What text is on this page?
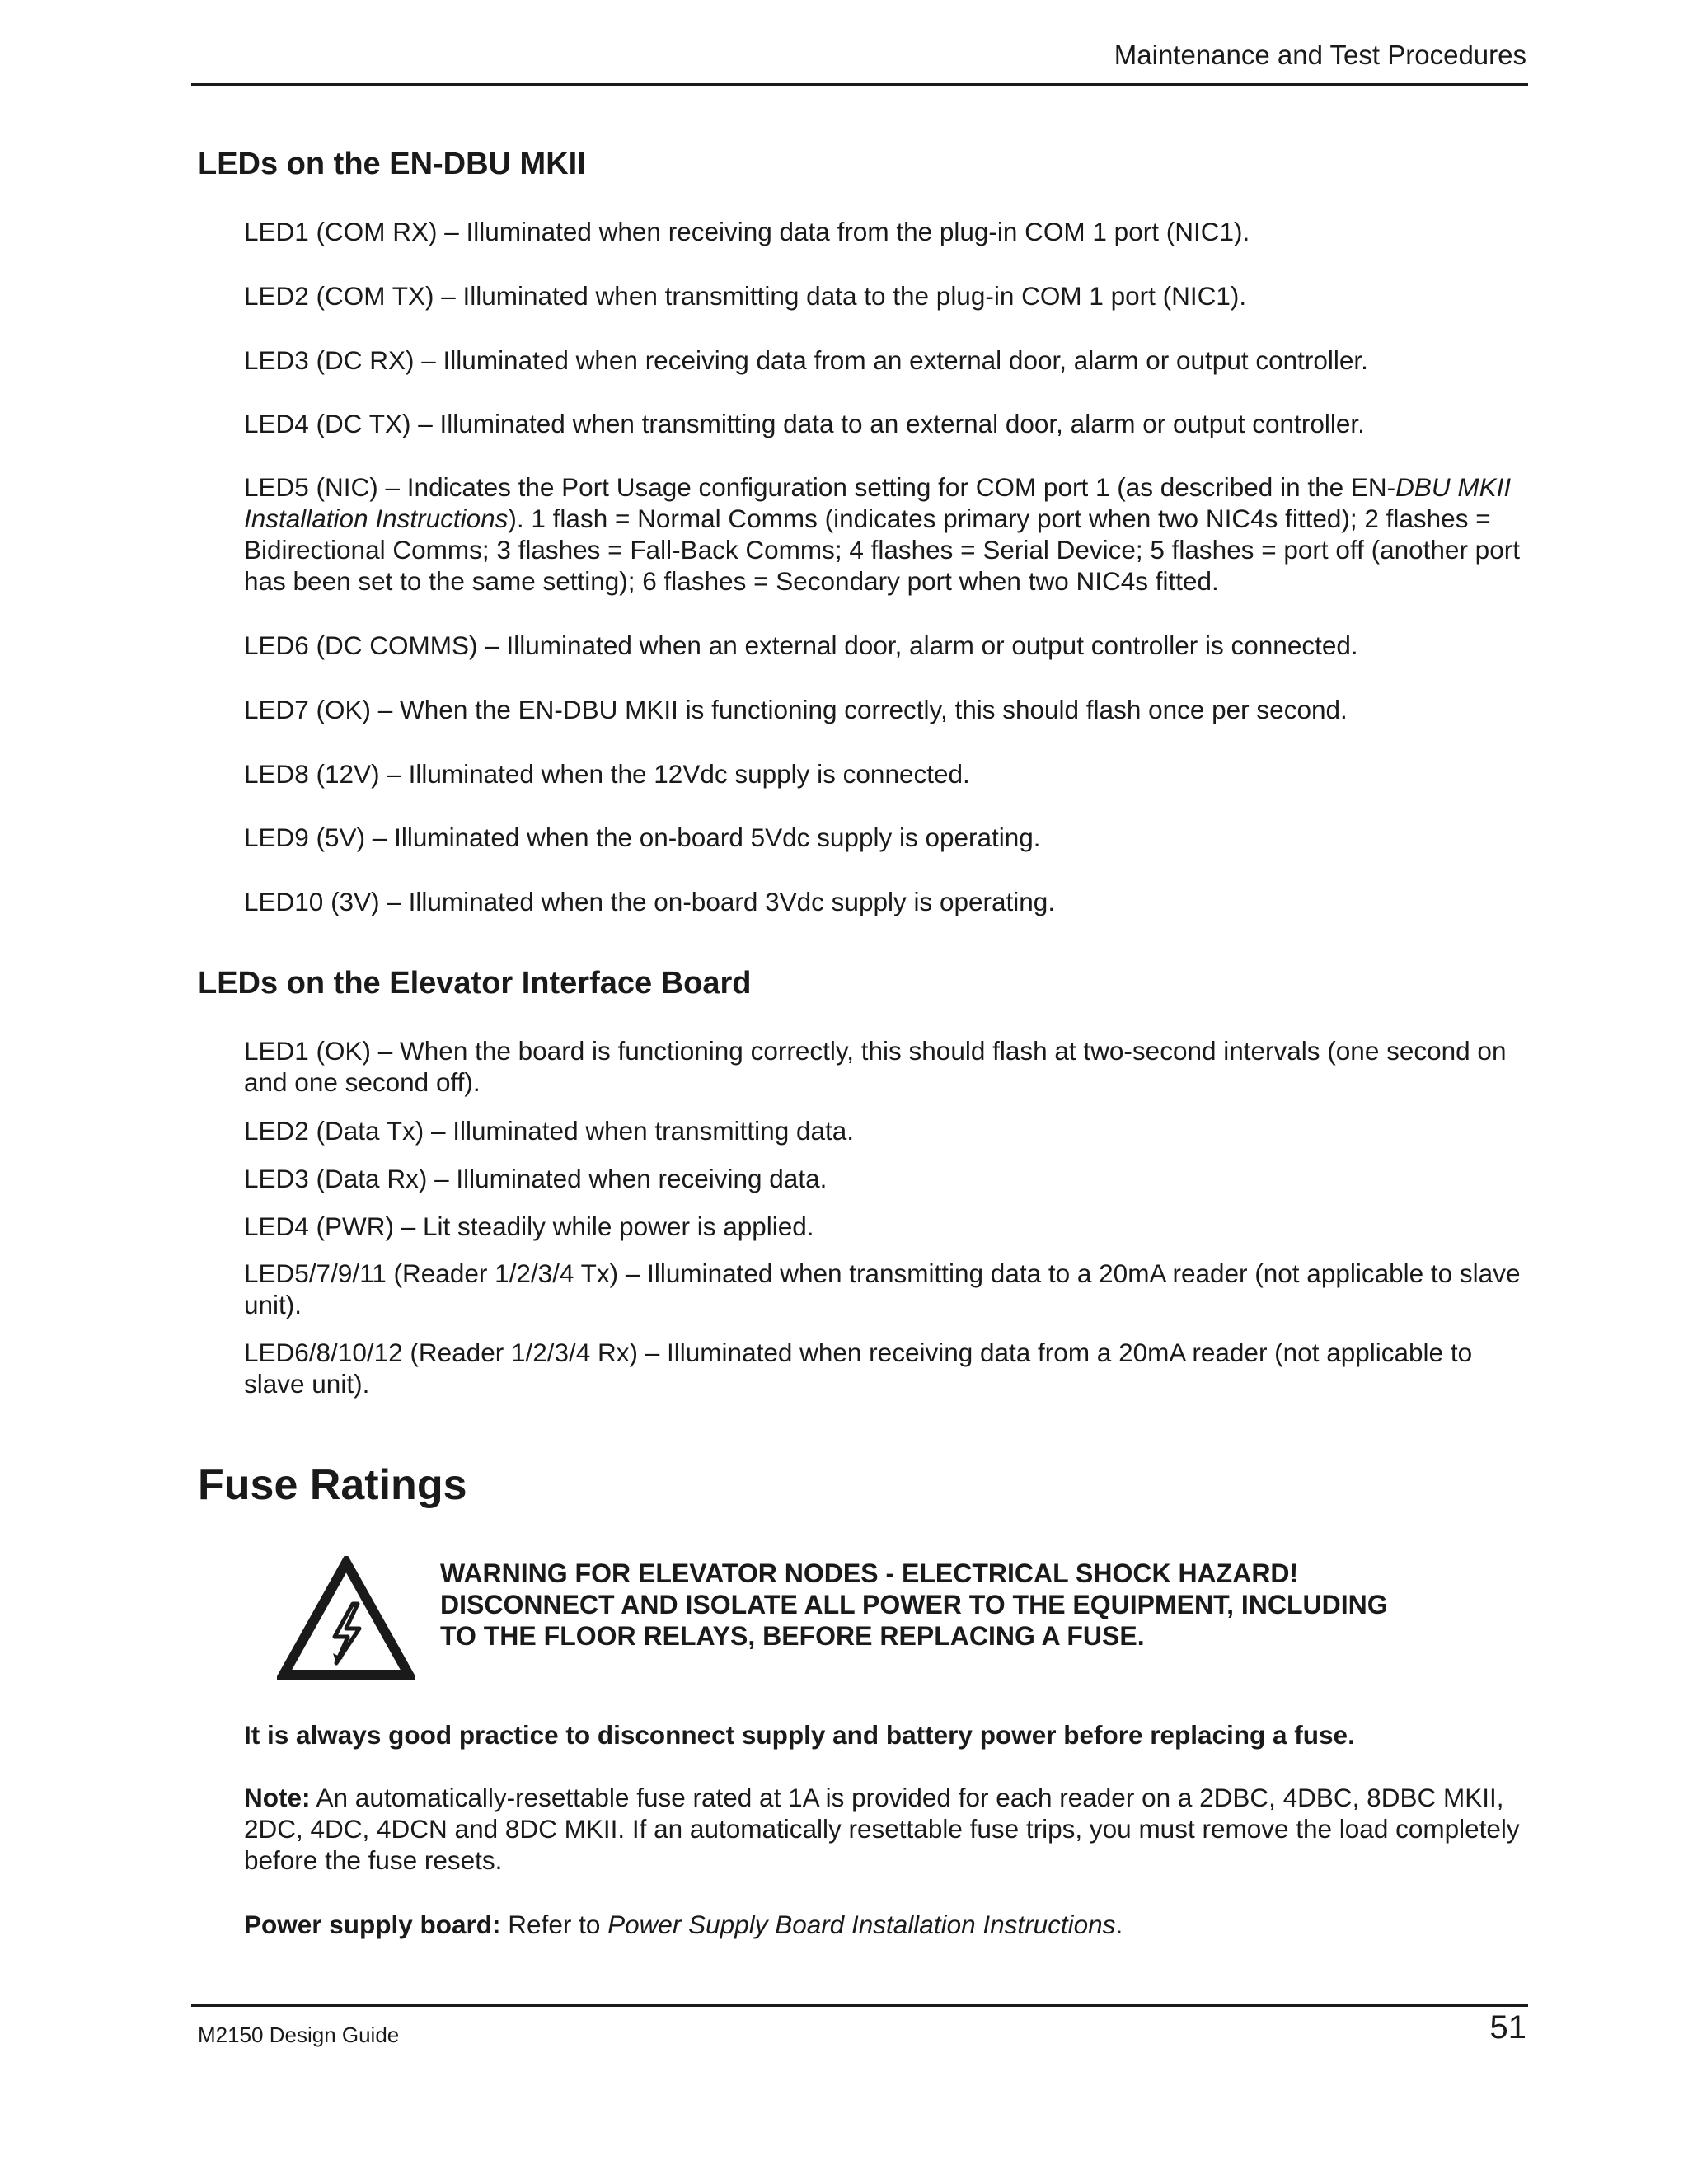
Maintenance and Test Procedures
LEDs on the EN-DBU MKII

LED1 (COM RX) – Illuminated when receiving data from the plug-in COM 1 port (NIC1).

LED2 (COM TX) – Illuminated when transmitting data to the plug-in COM 1 port (NIC1).

LED3 (DC RX) – Illuminated when receiving data from an external door, alarm or output controller.

LED4 (DC TX) – Illuminated when transmitting data to an external door, alarm or output controller.

LED5 (NIC) – Indicates the Port Usage configuration setting for COM port 1 (as described in the EN-DBU MKII Installation Instructions). 1 flash = Normal Comms (indicates primary port when two NIC4s fitted); 2 flashes = Bidirectional Comms; 3 flashes = Fall-Back Comms; 4 flashes = Serial Device; 5 flashes = port off (another port has been set to the same setting); 6 flashes = Secondary port when two NIC4s fitted.

LED6 (DC COMMS) – Illuminated when an external door, alarm or output controller is connected.

LED7 (OK) – When the EN-DBU MKII is functioning correctly, this should flash once per second.

LED8 (12V) – Illuminated when the 12Vdc supply is connected.

LED9 (5V) – Illuminated when the on-board 5Vdc supply is operating.

LED10 (3V) – Illuminated when the on-board 3Vdc supply is operating.

LEDs on the Elevator Interface Board

LED1 (OK) – When the board is functioning correctly, this should flash at two-second intervals (one second on and one second off).

LED2 (Data Tx) – Illuminated when transmitting data.

LED3 (Data Rx) – Illuminated when receiving data.

LED4 (PWR) – Lit steadily while power is applied.

LED5/7/9/11 (Reader 1/2/3/4 Tx) – Illuminated when transmitting data to a 20mA reader (not applicable to slave unit).

LED6/8/10/12 (Reader 1/2/3/4 Rx) – Illuminated when receiving data from a 20mA reader (not applicable to slave unit).

Fuse Ratings
WARNING FOR ELEVATOR NODES - ELECTRICAL SHOCK HAZARD!
DISCONNECT AND ISOLATE ALL POWER TO THE EQUIPMENT, INCLUDING
TO THE FLOOR RELAYS, BEFORE REPLACING A FUSE.

It is always good practice to disconnect supply and battery power before replacing a fuse.

Note: An automatically-resettable fuse rated at 1A is provided for each reader on a 2DBC, 4DBC, 8DBC MKII, 2DC, 4DC, 4DCN and 8DC MKII. If an automatically resettable fuse trips, you must remove the load completely before the fuse resets.

Power supply board: Refer to Power Supply Board Installation Instructions.

M2150 Design Guide	51
